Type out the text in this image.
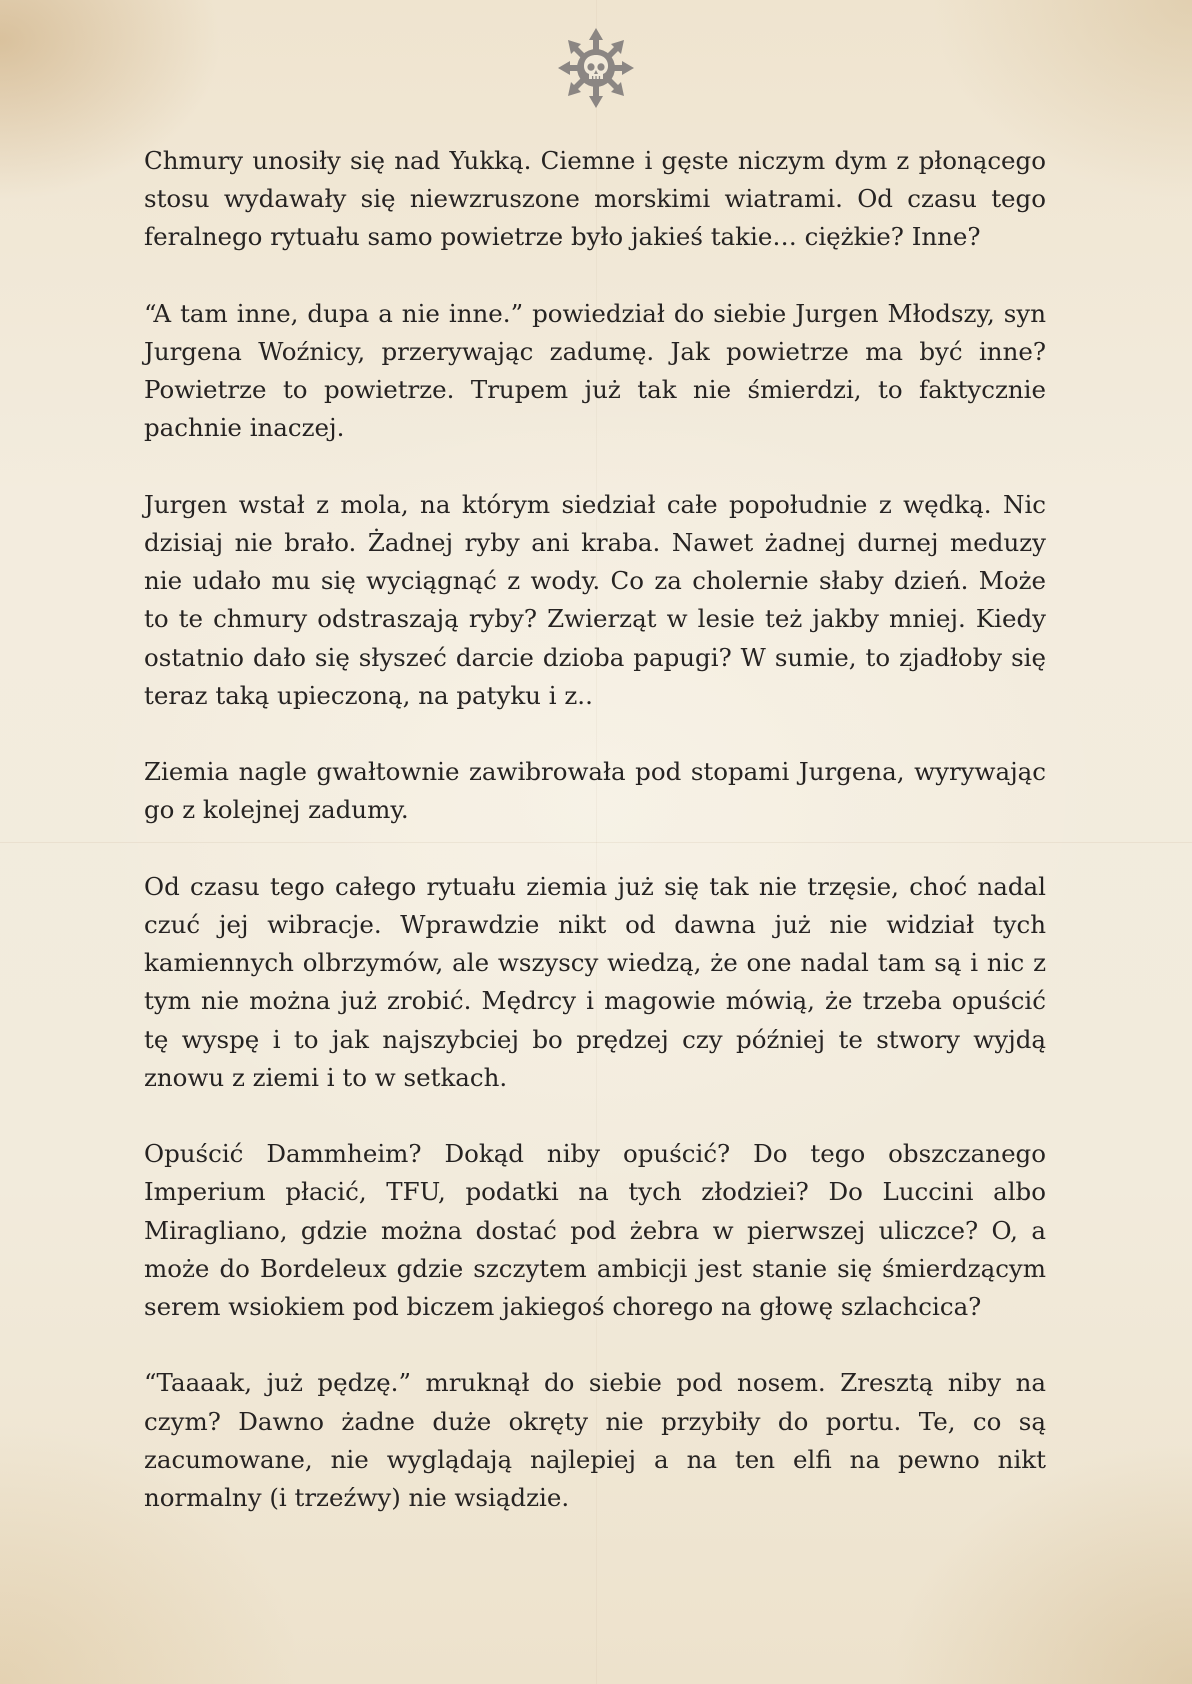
Chmury unosiły się nad Yukką. Ciemne i gęste niczym dym z płonącego stosu wydawały się niewzruszone morskimi wiatrami. Od czasu tego feralnego rytuału samo powietrze było jakieś takie… ciężkie? Inne?

“A tam inne, dupa a nie inne.” powiedział do siebie Jurgen Młodszy, syn Jurgena Woźnicy, przerywając zadumę. Jak powietrze ma być inne? Powietrze to powietrze. Trupem już tak nie śmierdzi, to faktycznie pachnie inaczej.

Jurgen wstał z mola, na którym siedział całe popołudnie z wędką. Nic dzisiaj nie brało. Żadnej ryby ani kraba. Nawet żadnej durnej meduzy nie udało mu się wyciągnąć z wody. Co za cholernie słaby dzień. Może to te chmury odstraszają ryby? Zwierząt w lesie też jakby mniej. Kiedy ostatnio dało się słyszeć darcie dzioba papugi? W sumie, to zjadłoby się teraz taką upieczoną, na patyku i z..

Ziemia nagle gwałtownie zawibrowała pod stopami Jurgena, wyrywając go z kolejnej zadumy.

Od czasu tego całego rytuału ziemia już się tak nie trzęsie, choć nadal czuć jej wibracje. Wprawdzie nikt od dawna już nie widział tych kamiennych olbrzymów, ale wszyscy wiedzą, że one nadal tam są i nic z tym nie można już zrobić. Mędrcy i magowie mówią, że trzeba opuścić tę wyspę i to jak najszybciej bo prędzej czy później te stwory wyjdą znowu z ziemi i to w setkach.

Opuścić Dammheim? Dokąd niby opuścić? Do tego obszczanego Imperium płacić, TFU, podatki na tych złodziei? Do Luccini albo Miragliano, gdzie można dostać pod żebra w pierwszej uliczce? O, a może do Bordeleux gdzie szczytem ambicji jest stanie się śmierdzącym serem wsiokiem pod biczem jakiegoś chorego na głowę szlachcica?

“Taaaak, już pędzę.” mruknął do siebie pod nosem. Zresztą niby na czym? Dawno żadne duże okręty nie przybiły do portu. Te, co są zacumowane, nie wyglądają najlepiej a na ten elfi na pewno nikt normalny (i trzeźwy) nie wsiądzie.
